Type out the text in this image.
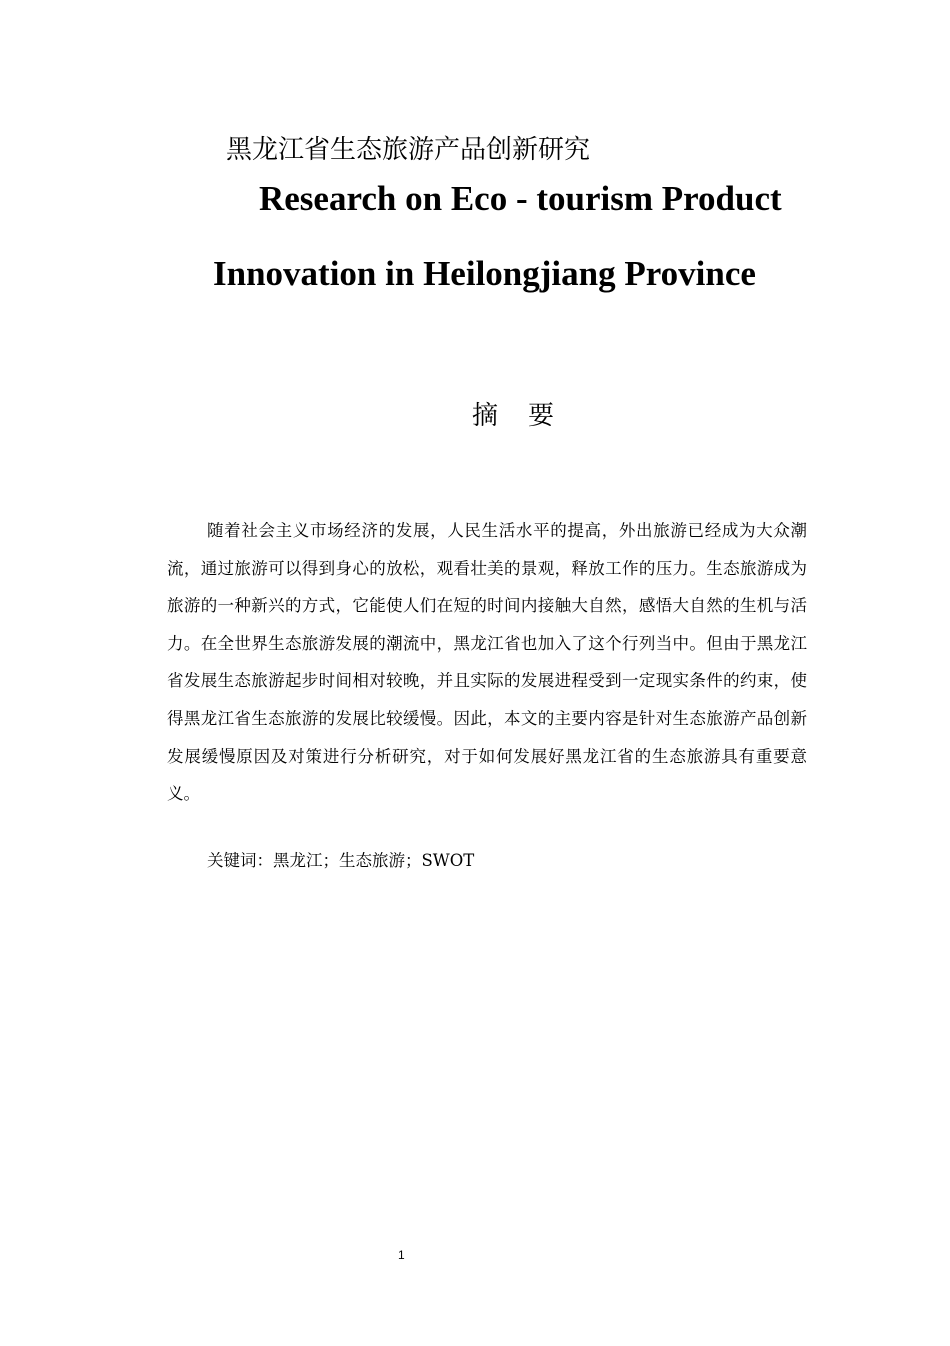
黑龙江省生态旅游产品创新研究
Research on Eco - tourism Product
Innovation in Heilongjiang Province
摘要

随着社会主义市场经济的发展，人民生活水平的提高，外出旅游已经成为大众潮流，通过旅游可以得到身心的放松，观看壮美的景观，释放工作的压力。生态旅游成为旅游的一种新兴的方式，它能使人们在短的时间内接触大自然，感悟大自然的生机与活力。在全世界生态旅游发展的潮流中，黑龙江省也加入了这个行列当中。但由于黑龙江省发展生态旅游起步时间相对较晚，并且实际的发展进程受到一定现实条件的约束，使得黑龙江省生态旅游的发展比较缓慢。因此，本文的主要内容是针对生态旅游产品创新发展缓慢原因及对策进行分析研究，对于如何发展好黑龙江省的生态旅游具有重要意义。

关键词：黑龙江；生态旅游；SWOT
1
